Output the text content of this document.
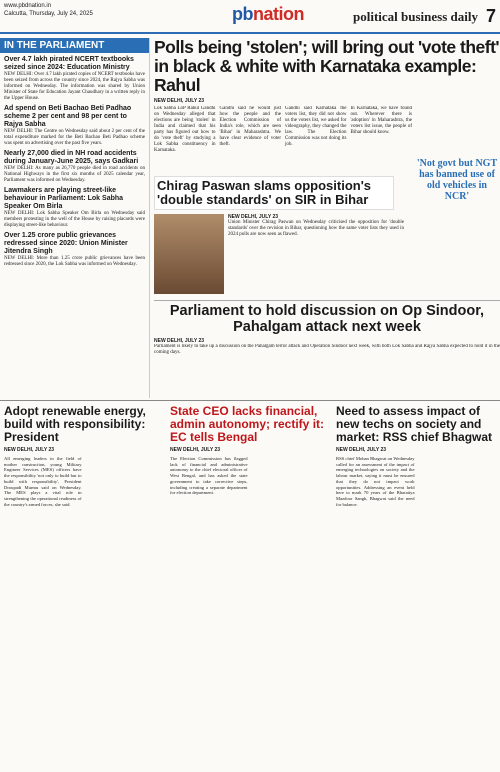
www.pbdnation.in
Calcutta, Thursday, July 24, 2025	pbnation	political business daily 7
IN THE PARLIAMENT
Over 4.7 lakh pirated NCERT textbooks seized since 2024: Education Ministry

NEW DELHI: Over 4.7 lakh pirated copies of NCERT textbooks have been seized from across the country since 2024, the Rajya Sabha was informed on Wednesday. The information was shared by Union Minister of State for Education Jayant Chaudhary in a written reply in the Upper House.

Ad spend on Beti Bachao Beti Padhao scheme 2 per cent and 98 per cent to Rajya Sabha

NEW DELHI: The Centre on Wednesday said about 2 per cent of the total expenditure marked for the Beti Bachao Beti Padhao scheme was spent on advertising over the past five years.

Nearly 27,000 died in NH road accidents during January-June 2025, says Gadkari

NEW DELHI: As many as 26,770 people died in road accidents on National Highways in the first six months of 2025 calendar year, Parliament was informed on Wednesday.

Lawmakers are playing street-like behaviour in Parliament: Lok Sabha Speaker Om Birla

NEW DELHI: Lok Sabha Speaker Om Birla on Wednesday said members protesting in the well of the House by raising placards were displaying street-like behaviour.

Over 1.25 crore public grievances redressed since 2020: Union Minister Jitendra Singh

NEW DELHI: More than 1.25 crore public grievances have been redressed since 2020, the Lok Sabha was informed on Wednesday.

Polls being 'stolen'; will bring out 'vote theft' in black & white with Karnataka example: Rahul
NEW DELHI, JULY 23

Lok Sabha LoP Rahul Gandhi on Wednesday alleged that elections are being 'stolen' in India and claimed that his party has figured out how to do 'vote theft' by studying a Lok Sabha constituency in Karnataka.

Gandhi said he would just how the people and the Election Commission of India's role, which are seen 'Bihar' in Maharashtra. We have clear evidence of voter theft.

Gandhi said Karnataka the voters list, they did not show us the voters list, we asked for videography, they changed the law. The Election Commission was not doing its job.

In Karnataka, we have found out. Wherever there is 'adoption' in Maharashtra, the voters list issue, the people of Bihar should know.

'Not govt but NGT has banned use of old vehicles in NCR'
Chirag Paswan slams opposition's 'double standards' on SIR in Bihar
NEW DELHI, JULY 23

Union Minister Chirag Paswan on Wednesday criticised the opposition for 'double standards' over the revision in Bihar, questioning how the same voter lists they used in 2024 polls are now seen as flawed.

Parliament to hold discussion on Op Sindoor, Pahalgam attack next week
NEW DELHI, JULY 23

Parliament is likely to take up a discussion on the Pahalgam terror attack and Operation Sindoor next week, with both Lok Sabha and Rajya Sabha expected to hold it in the coming days.

Adopt renewable energy, build with responsibility: President
NEW DELHI, JULY 23

All emerging leaders in the field of mother construction, young Military Engineer Services (MES) officers have the responsibility 'not only to build but to build with responsibility', President Droupadi Murmu said on Wednesday. The MES plays a vital role in strengthening the operational readiness of the country's armed forces, she said.

State CEO lacks financial, admin autonomy; rectify it: EC tells Bengal
NEW DELHI, JULY 23

The Election Commission has flagged lack of financial and administrative autonomy to the chief electoral officer of West Bengal, and has asked the state government to take corrective steps, including creating a separate department for election department.

Need to assess impact of new techs on society and market: RSS chief Bhagwat
NEW DELHI, JULY 23

RSS chief Mohan Bhagwat on Wednesday called for an assessment of the impact of emerging technologies on society and the labour market, saying it must be ensured that they do not impact work opportunities. Addressing an event held here to mark 70 years of the Bharatiya Mazdoor Sangh, Bhagwat said the need for balance.
